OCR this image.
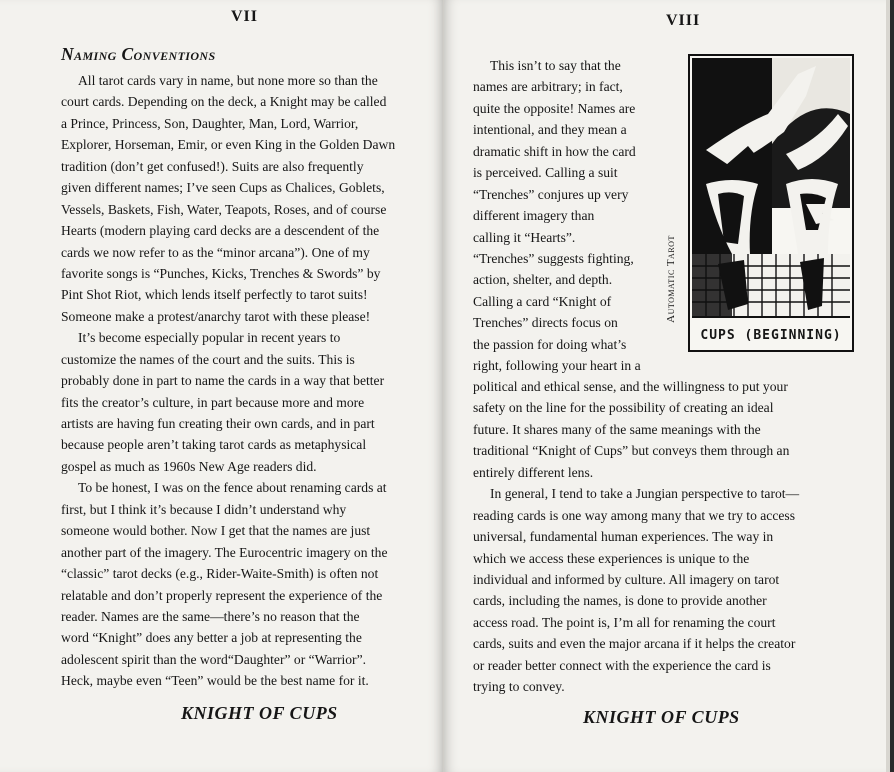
VII
Naming Conventions
All tarot cards vary in name, but none more so than the
court cards. Depending on the deck, a Knight may be called
a Prince, Princess, Son, Daughter, Man, Lord, Warrior,
Explorer, Horseman, Emir, or even King in the Golden Dawn
tradition (don’t get confused!). Suits are also frequently
given different names; I’ve seen Cups as Chalices, Goblets,
Vessels, Baskets, Fish, Water, Teapots, Roses, and of course
Hearts (modern playing card decks are a descendent of the
cards we now refer to as the “minor arcana”). One of my
favorite songs is “Punches, Kicks, Trenches & Swords” by
Pint Shot Riot, which lends itself perfectly to tarot suits!
Someone make a protest/anarchy tarot with these please!
It’s become especially popular in recent years to
customize the names of the court and the suits. This is
probably done in part to name the cards in a way that better
fits the creator’s culture, in part because more and more
artists are having fun creating their own cards, and in part
because people aren’t taking tarot cards as metaphysical
gospel as much as 1960s New Age readers did.
To be honest, I was on the fence about renaming cards at
first, but I think it’s because I didn’t understand why
someone would bother. Now I get that the names are just
another part of the imagery. The Eurocentric imagery on the
“classic” tarot decks (e.g., Rider-Waite-Smith) is often not
relatable and don’t properly represent the experience of the
reader. Names are the same—there’s no reason that the
word “Knight” does any better a job at representing the
adolescent spirit than the word“Daughter” or “Warrior”.
Heck, maybe even “Teen” would be the best name for it.
KNIGHT OF CUPS
VIII
This isn’t to say that the
names are arbitrary; in fact,
quite the opposite! Names are
intentional, and they mean a
dramatic shift in how the card
is perceived. Calling a suit
“Trenches” conjures up very
different imagery than
calling it “Hearts”.
“Trenches” suggests fighting,
action, shelter, and depth.
Calling a card “Knight of
Trenches” directs focus on
the passion for doing what’s
right, following your heart in a
Automatic Tarot
CUPS (BEGINNING)
political and ethical sense, and the willingness to put your
safety on the line for the possibility of creating an ideal
future. It shares many of the same meanings with the
traditional “Knight of Cups” but conveys them through an
entirely different lens.
In general, I tend to take a Jungian perspective to tarot—
reading cards is one way among many that we try to access
universal, fundamental human experiences. The way in
which we access these experiences is unique to the
individual and informed by culture. All imagery on tarot
cards, including the names, is done to provide another
access road. The point is, I’m all for renaming the court
cards, suits and even the major arcana if it helps the creator
or reader better connect with the experience the card is
trying to convey.
KNIGHT OF CUPS
